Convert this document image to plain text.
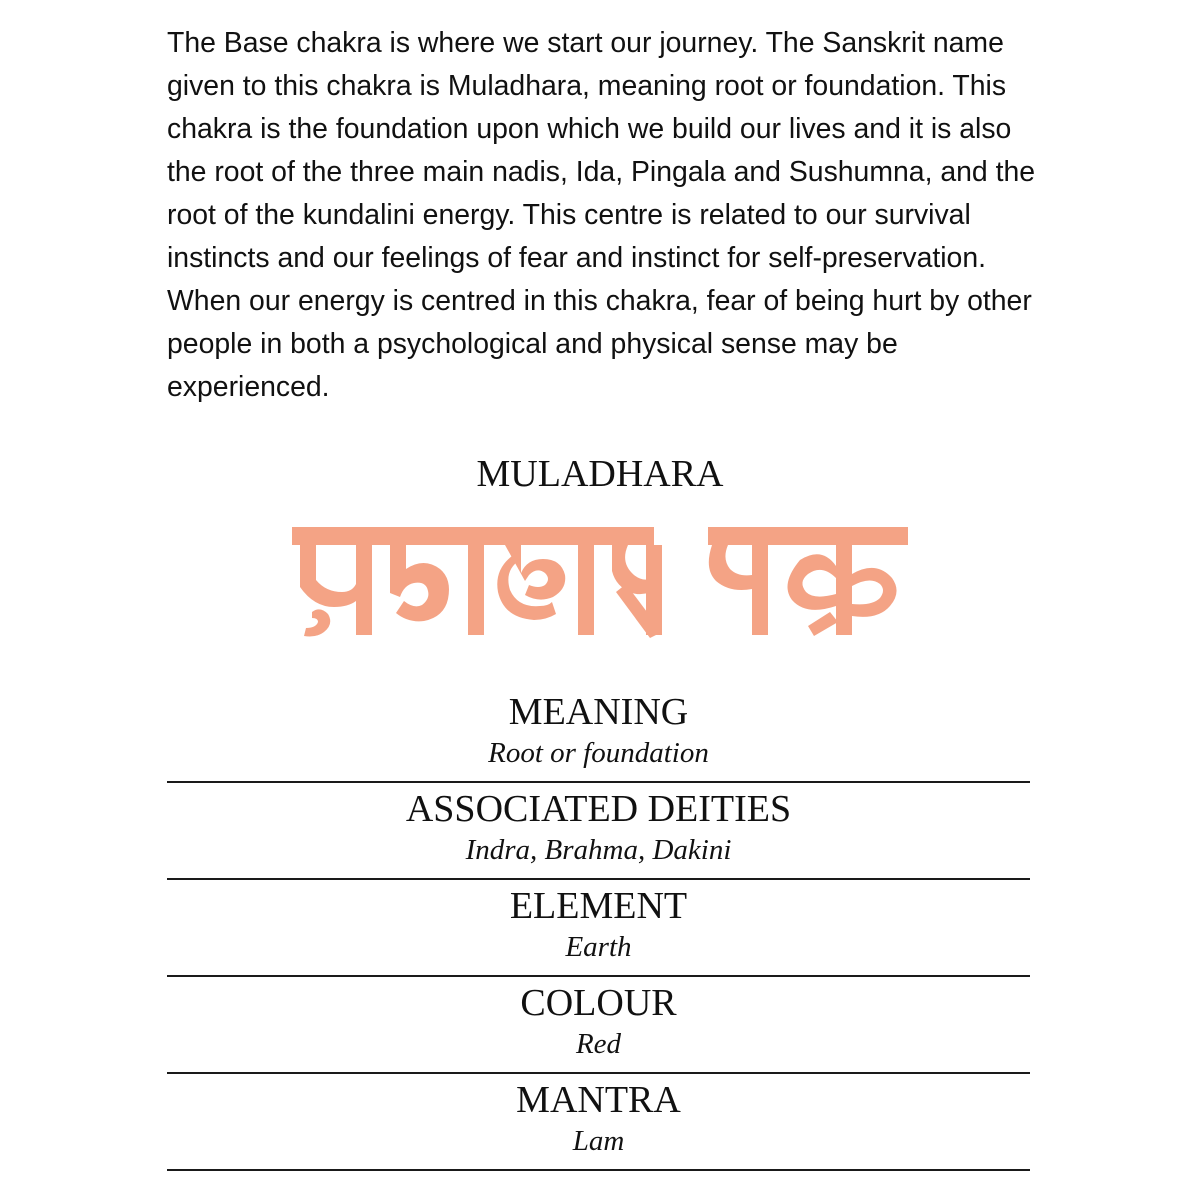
The Base chakra is where we start our journey. The Sanskrit name given to this chakra is Muladhara, meaning root or foundation. This chakra is the foundation upon which we build our lives and it is also the root of the three main nadis, Ida, Pingala and Sushumna, and the root of the kundalini energy. This centre is related to our survival instincts and our feelings of fear and instinct for self-preservation. When our energy is centred in this chakra, fear of being hurt by other people in both a psychological and physical sense may be experienced.

MULADHARA
MEANING
Root or foundation
ASSOCIATED DEITIES
Indra, Brahma, Dakini
ELEMENT
Earth
COLOUR
Red
MANTRA
Lam
